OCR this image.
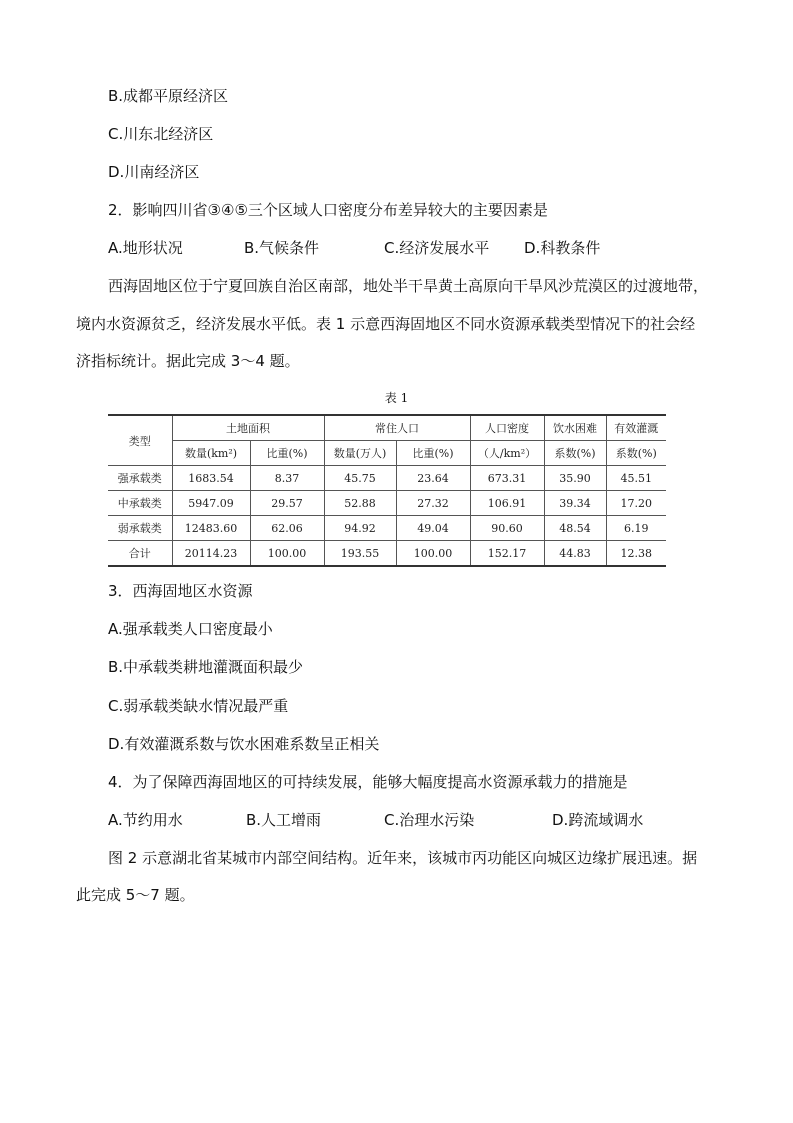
B.成都平原经济区
C.川东北经济区
D.川南经济区
2．影响四川省③④⑤三个区域人口密度分布差异较大的主要因素是
A.地形状况	B.气候条件	C.经济发展水平 D.科教条件
西海固地区位于宁夏回族自治区南部，地处半干旱黄土高原向干旱风沙荒漠区的过渡地带，
境内水资源贫乏，经济发展水平低。表 1 示意西海固地区不同水资源承载类型情况下的社会经
济指标统计。据此完成 3～4 题。
表 1
类型	土地面积		常住人口		人口密度	饮水困难	有效灌溉
	数量(km²)	比重(%)	数量(万人)	比重(%)	（人/km²）	系数(%)	系数(%)
强承载类	1683.54	8.37	45.75	23.64	673.31	35.90	45.51
中承载类	5947.09	29.57	52.88	27.32	106.91	39.34	17.20
弱承载类	12483.60	62.06	94.92	49.04	90.60	48.54	6.19
合计	20114.23	100.00	193.55	100.00	152.17	44.83	12.38
3．西海固地区水资源
A.强承载类人口密度最小
B.中承载类耕地灌溉面积最少
C.弱承载类缺水情况最严重
D.有效灌溉系数与饮水困难系数呈正相关
4．为了保障西海固地区的可持续发展，能够大幅度提高水资源承载力的措施是
A.节约用水	B.人工增雨	C.治理水污染	D.跨流域调水
图 2 示意湖北省某城市内部空间结构。近年来，该城市丙功能区向城区边缘扩展迅速。据
此完成 5～7 题。
